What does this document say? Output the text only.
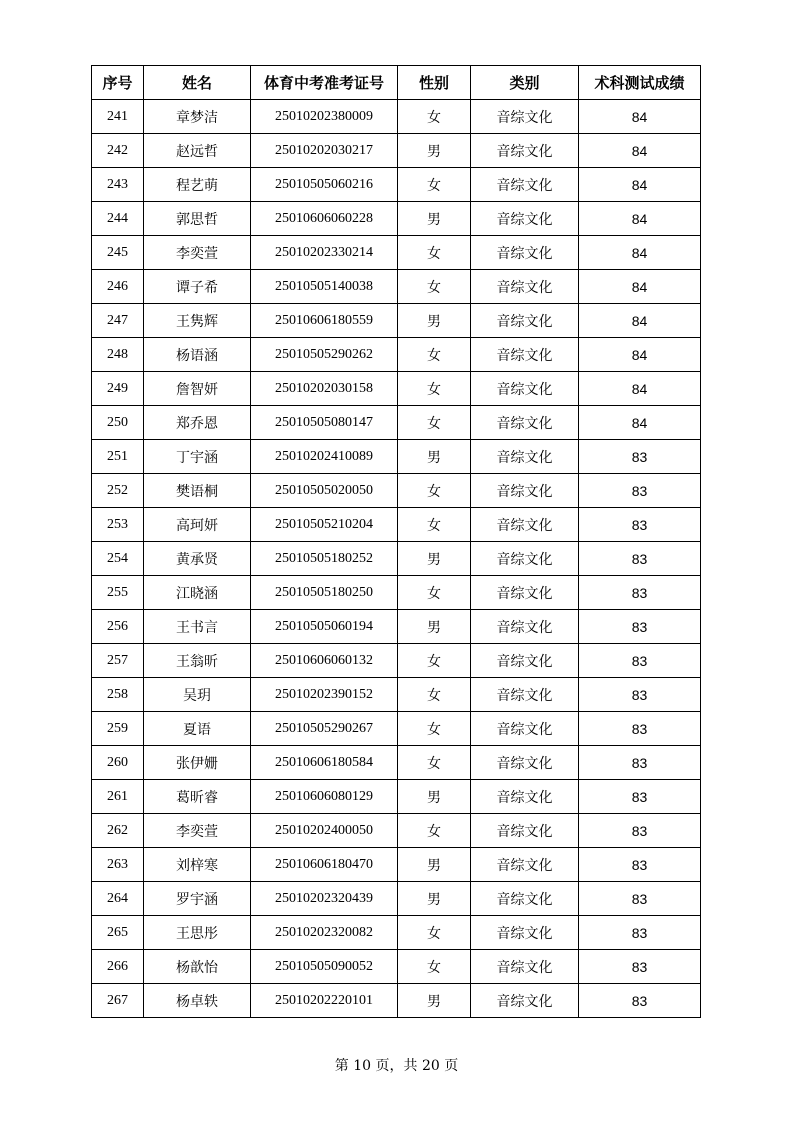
序号	姓名	体育中考准考证号	性别	类别	术科测试成绩
241	章梦洁	25010202380009	女	音综文化	84
242	赵远哲	25010202030217	男	音综文化	84
243	程艺萌	25010505060216	女	音综文化	84
244	郭思哲	25010606060228	男	音综文化	84
245	李奕萱	25010202330214	女	音综文化	84
246	谭子希	25010505140038	女	音综文化	84
247	王隽辉	25010606180559	男	音综文化	84
248	杨语涵	25010505290262	女	音综文化	84
249	詹智妍	25010202030158	女	音综文化	84
250	郑乔恩	25010505080147	女	音综文化	84
251	丁宇涵	25010202410089	男	音综文化	83
252	樊语桐	25010505020050	女	音综文化	83
253	高珂妍	25010505210204	女	音综文化	83
254	黄承贤	25010505180252	男	音综文化	83
255	江晓涵	25010505180250	女	音综文化	83
256	王书言	25010505060194	男	音综文化	83
257	王翁昕	25010606060132	女	音综文化	83
258	吴玥	25010202390152	女	音综文化	83
259	夏语	25010505290267	女	音综文化	83
260	张伊姗	25010606180584	女	音综文化	83
261	葛昕睿	25010606080129	男	音综文化	83
262	李奕萱	25010202400050	女	音综文化	83
263	刘梓寒	25010606180470	男	音综文化	83
264	罗宇涵	25010202320439	男	音综文化	83
265	王思彤	25010202320082	女	音综文化	83
266	杨歆怡	25010505090052	女	音综文化	83
267	杨卓轶	25010202220101	男	音综文化	83
第 10 页，共 20 页
